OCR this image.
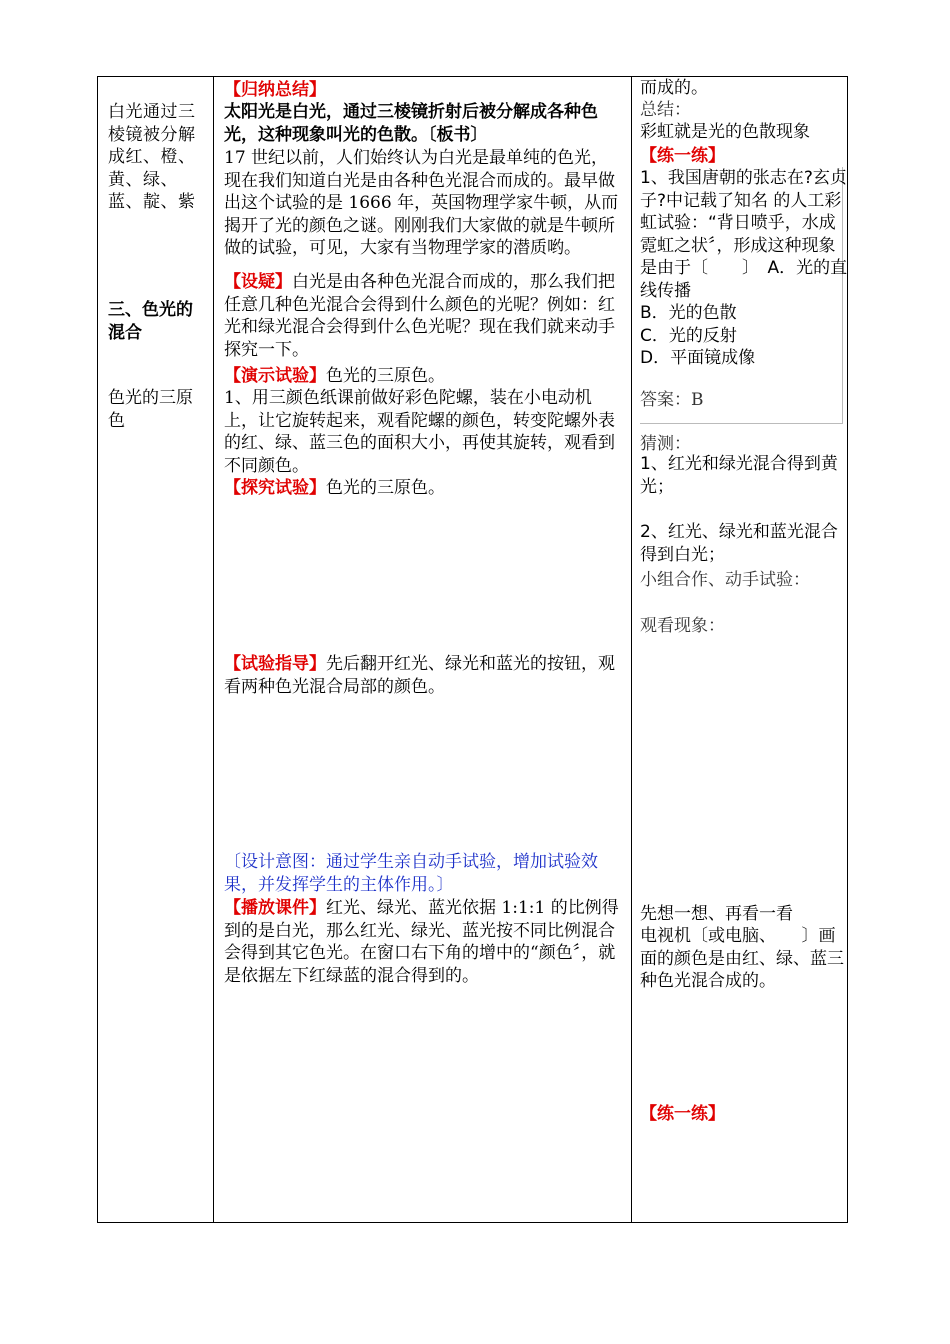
白光通过三棱镜被分解成红、橙、黄、绿、蓝、靛、紫

三、色光的混合

色光的三原色

【归纳总结】

太阳光是白光，通过三棱镜折射后被分解成各种色光，这种现象叫光的色散。〔板书〕

17 世纪以前，人们始终认为白光是最单纯的色光，现在我们知道白光是由各种色光混合而成的。最早做出这个试验的是 1666 年，英国物理学家牛顿，从而揭开了光的颜色之谜。刚刚我们大家做的就是牛顿所做的试验，可见，大家有当物理学家的潜质哟。

【设疑】白光是由各种色光混合而成的，那么我们把任意几种色光混合会得到什么颜色的光呢？例如：红光和绿光混合会得到什么色光呢？现在我们就来动手探究一下。

【演示试验】色光的三原色。

1、用三颜色纸课前做好彩色陀螺，装在小电动机上，让它旋转起来，观看陀螺的颜色，转变陀螺外表的红、绿、蓝三色的面积大小，再使其旋转，观看到不同颜色。

【探究试验】色光的三原色。

【试验指导】先后翻开红光、绿光和蓝光的按钮，观看两种色光混合局部的颜色。

〔设计意图：通过学生亲自动手试验，增加试验效果，并发挥学生的主体作用。〕

【播放课件】红光、绿光、蓝光依据 1:1:1 的比例得到的是白光，那么红光、绿光、蓝光按不同比例混合会得到其它色光。在窗口右下角的增中的“颜色〞，就是依据左下红绿蓝的混合得到的。

而成的。

总结：

彩虹就是光的色散现象

【练一练】

1、我国唐朝的张志在?玄贞子?中记载了知名 的人工彩虹试验：“背日喷乎，水成霓虹之状〞，形成这种现象是由于〔　　〕　A．光的直线传播
B．光的色散
C．光的反射
D．平面镜成像

答案：B

猜测：

1、红光和绿光混合得到黄光；

2、红光、绿光和蓝光混合得到白光；

小组合作、动手试验：

观看现象：

先想一想、再看一看

电视机〔或电脑、　　〕画面的颜色是由红、绿、蓝三种色光混合成的。

【练一练】
